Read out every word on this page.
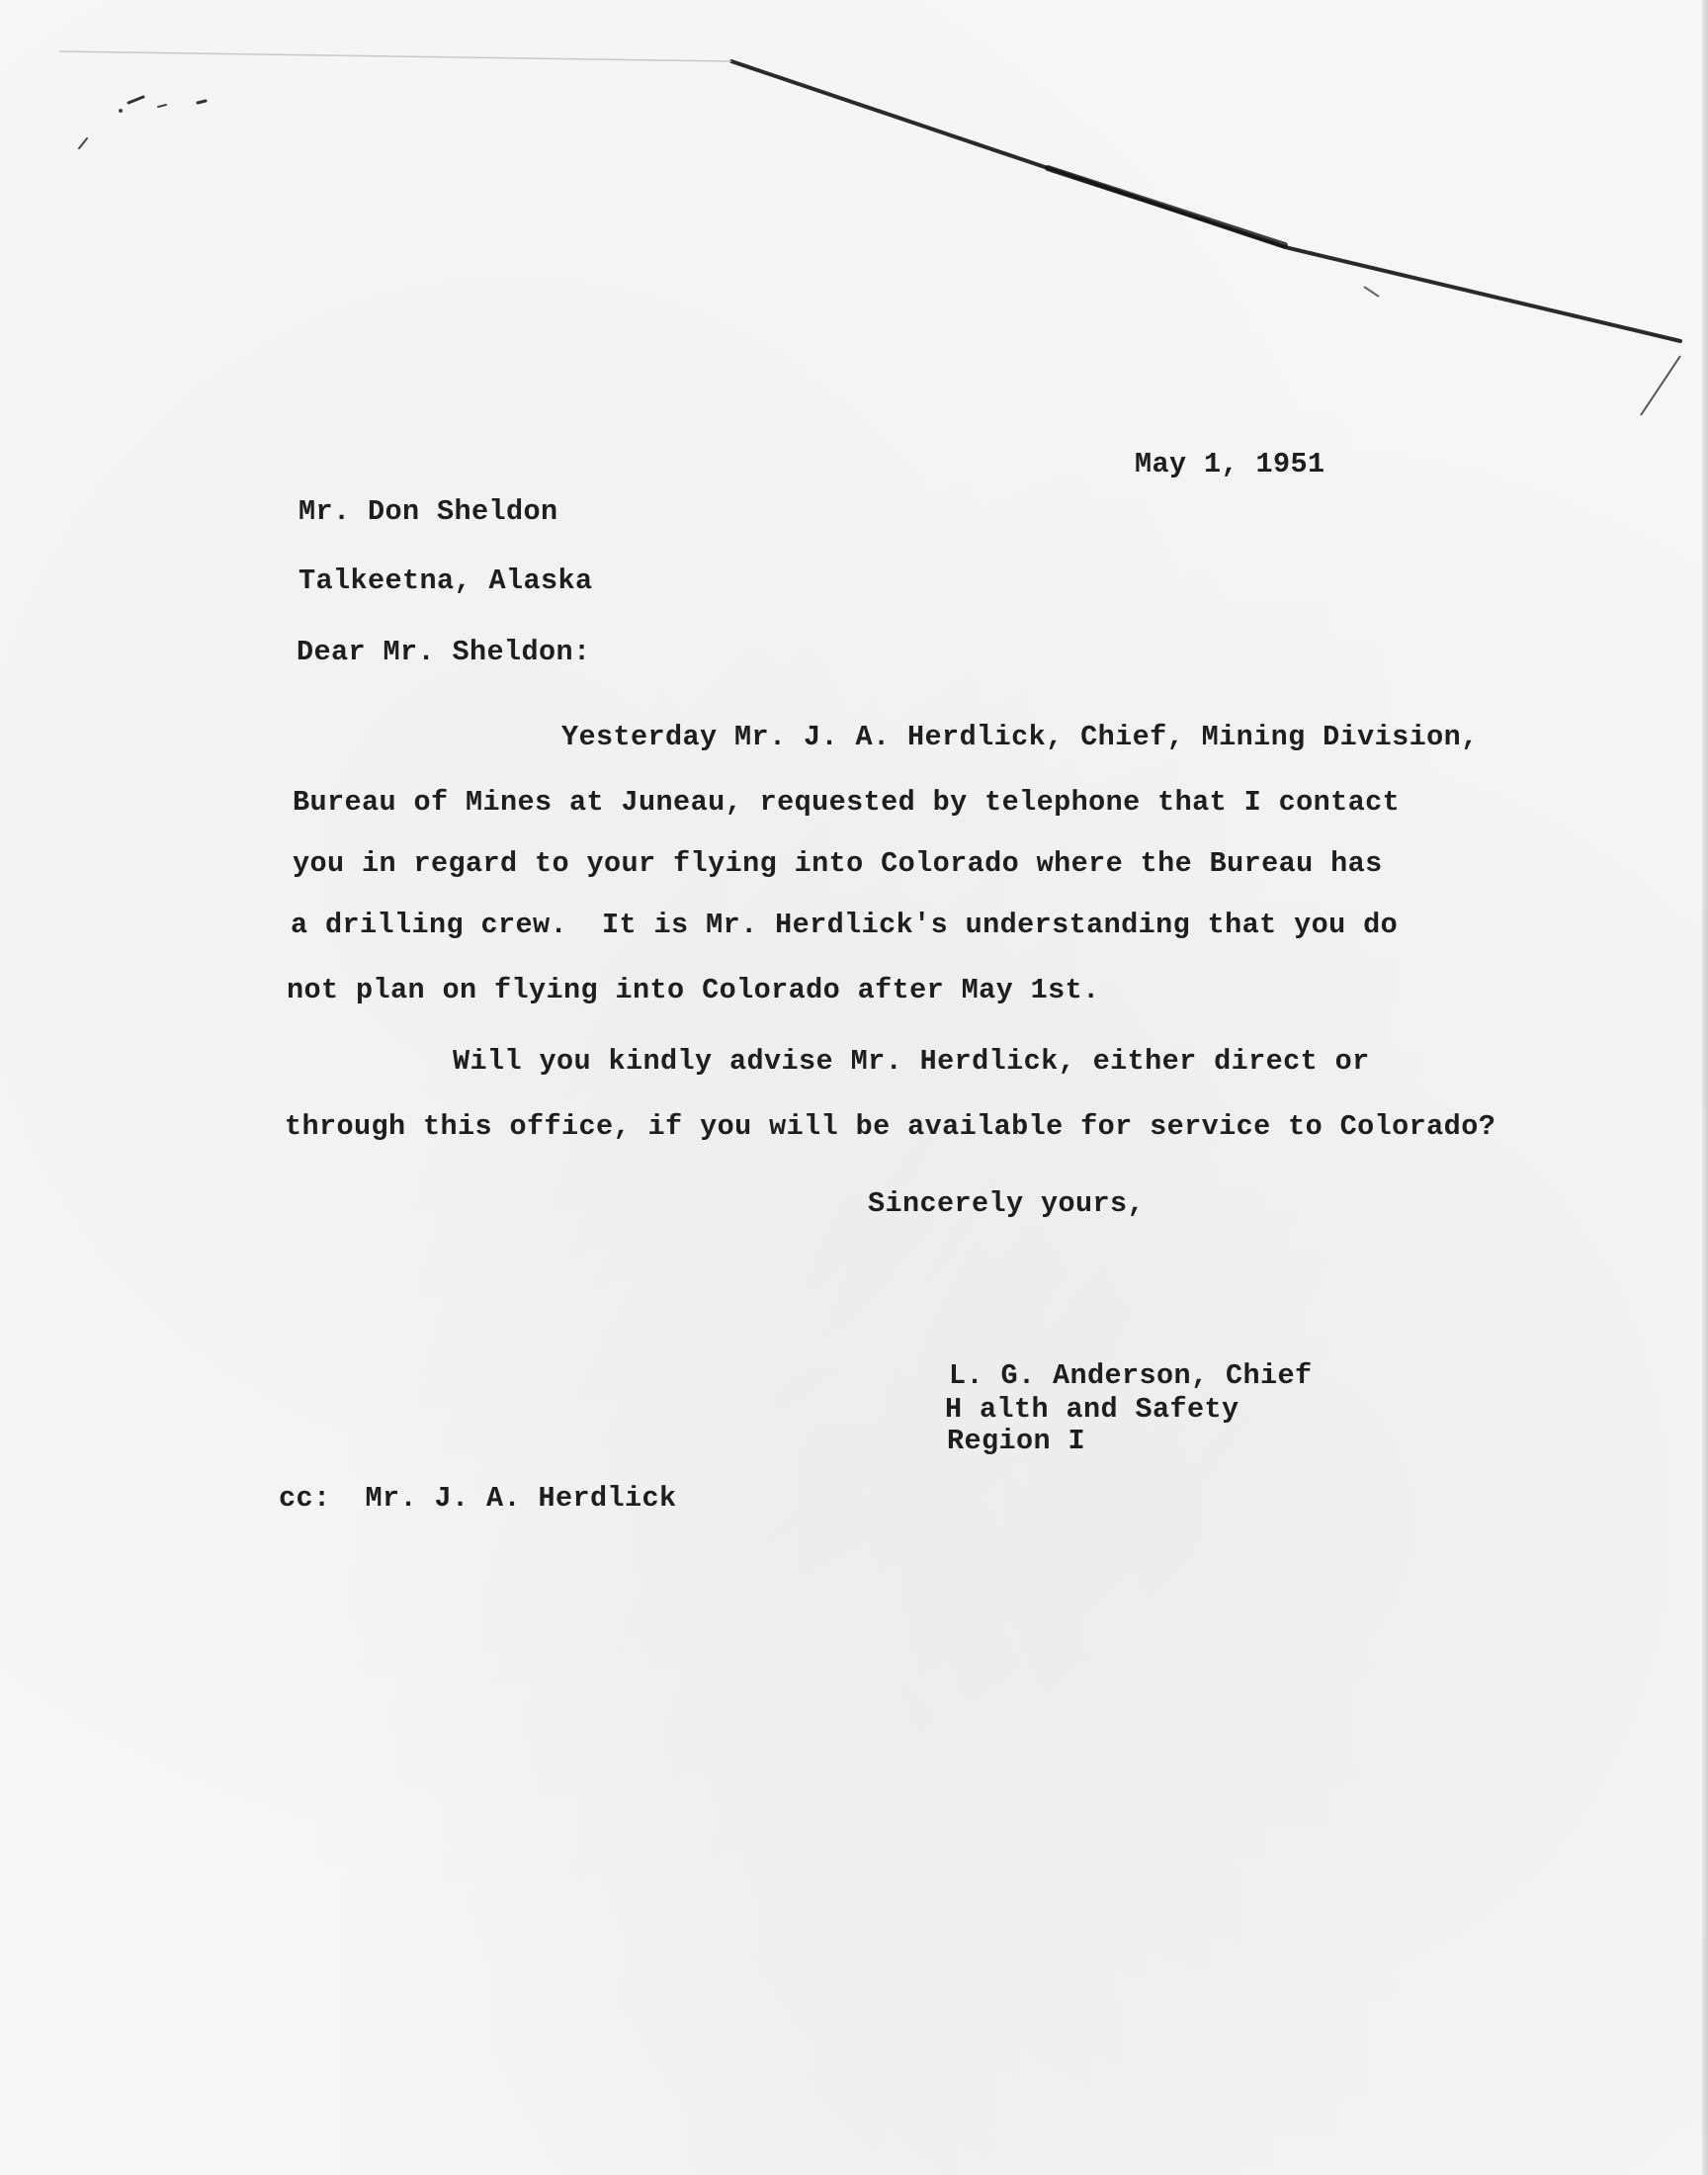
May 1, 1951
Mr. Don Sheldon
Talkeetna, Alaska
Dear Mr. Sheldon:
Yesterday Mr. J. A. Herdlick, Chief, Mining Division,
Bureau of Mines at Juneau, requested by telephone that I contact
you in regard to your flying into Colorado where the Bureau has
a drilling crew.  It is Mr. Herdlick's understanding that you do
not plan on flying into Colorado after May 1st.
Will you kindly advise Mr. Herdlick, either direct or
through this office, if you will be available for service to Colorado?
Sincerely yours,
L. G. Anderson, Chief
H alth and Safety
Region I
cc:  Mr. J. A. Herdlick
